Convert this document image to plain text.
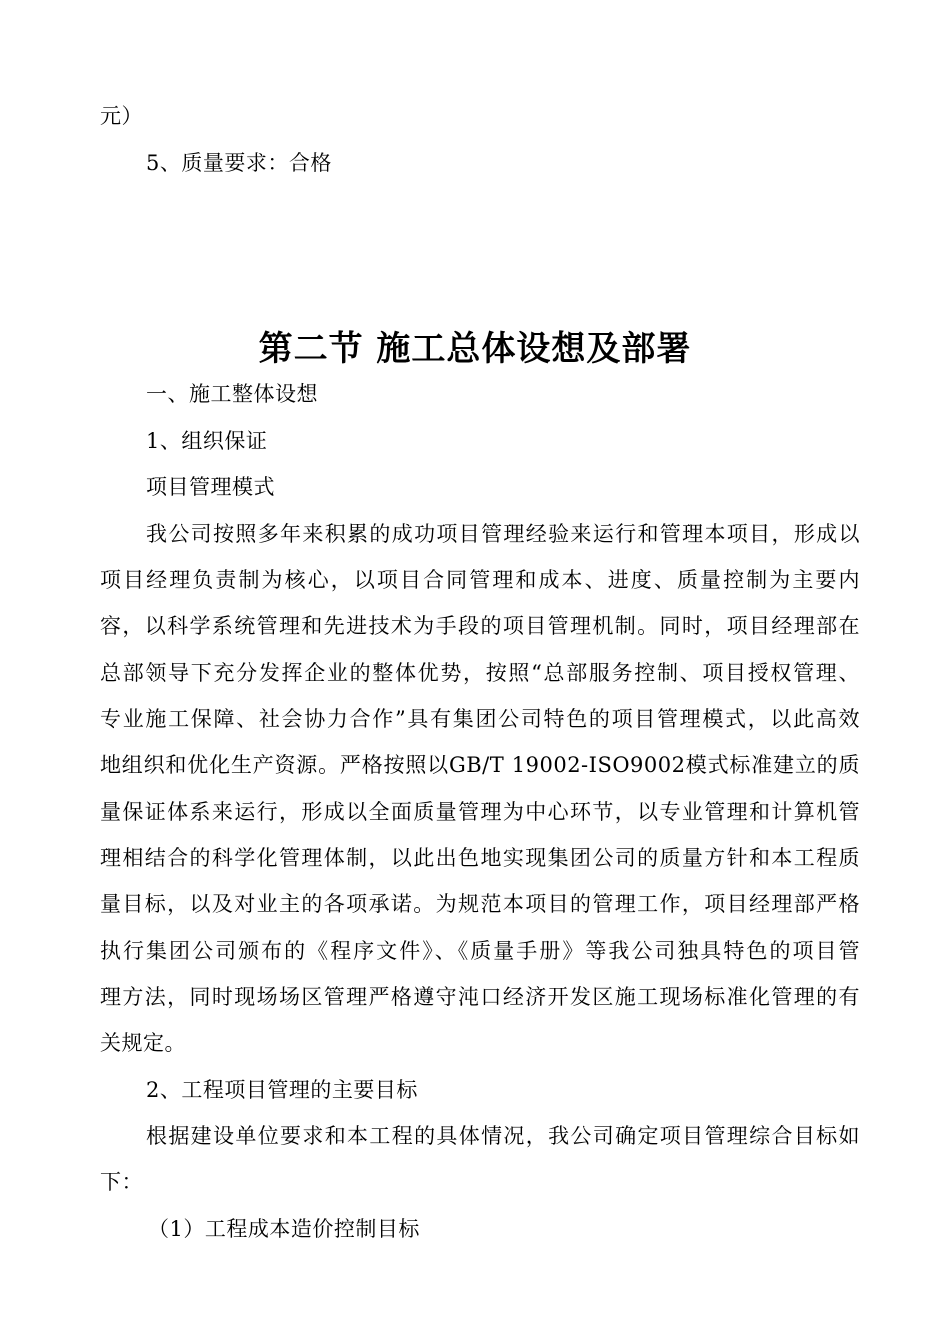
元）
5、质量要求：合格
第二节 施工总体设想及部署
一、施工整体设想
1、组织保证
项目管理模式
我公司按照多年来积累的成功项目管理经验来运行和管理本项目，形成以
项目经理负责制为核心，以项目合同管理和成本、进度、质量控制为主要内
容，以科学系统管理和先进技术为手段的项目管理机制。同时，项目经理部在
总部领导下充分发挥企业的整体优势，按照“总部服务控制、项目授权管理、
专业施工保障、社会协力合作”具有集团公司特色的项目管理模式，以此高效
地组织和优化生产资源。严格按照以GB/T 19002-ISO9002模式标准建立的质
量保证体系来运行，形成以全面质量管理为中心环节，以专业管理和计算机管
理相结合的科学化管理体制，以此出色地实现集团公司的质量方针和本工程质
量目标，以及对业主的各项承诺。为规范本项目的管理工作，项目经理部严格
执行集团公司颁布的《程序文件》、《质量手册》等我公司独具特色的项目管
理方法，同时现场场区管理严格遵守沌口经济开发区施工现场标准化管理的有
关规定。
2、工程项目管理的主要目标
根据建设单位要求和本工程的具体情况，我公司确定项目管理综合目标如
下：
（1）工程成本造价控制目标
